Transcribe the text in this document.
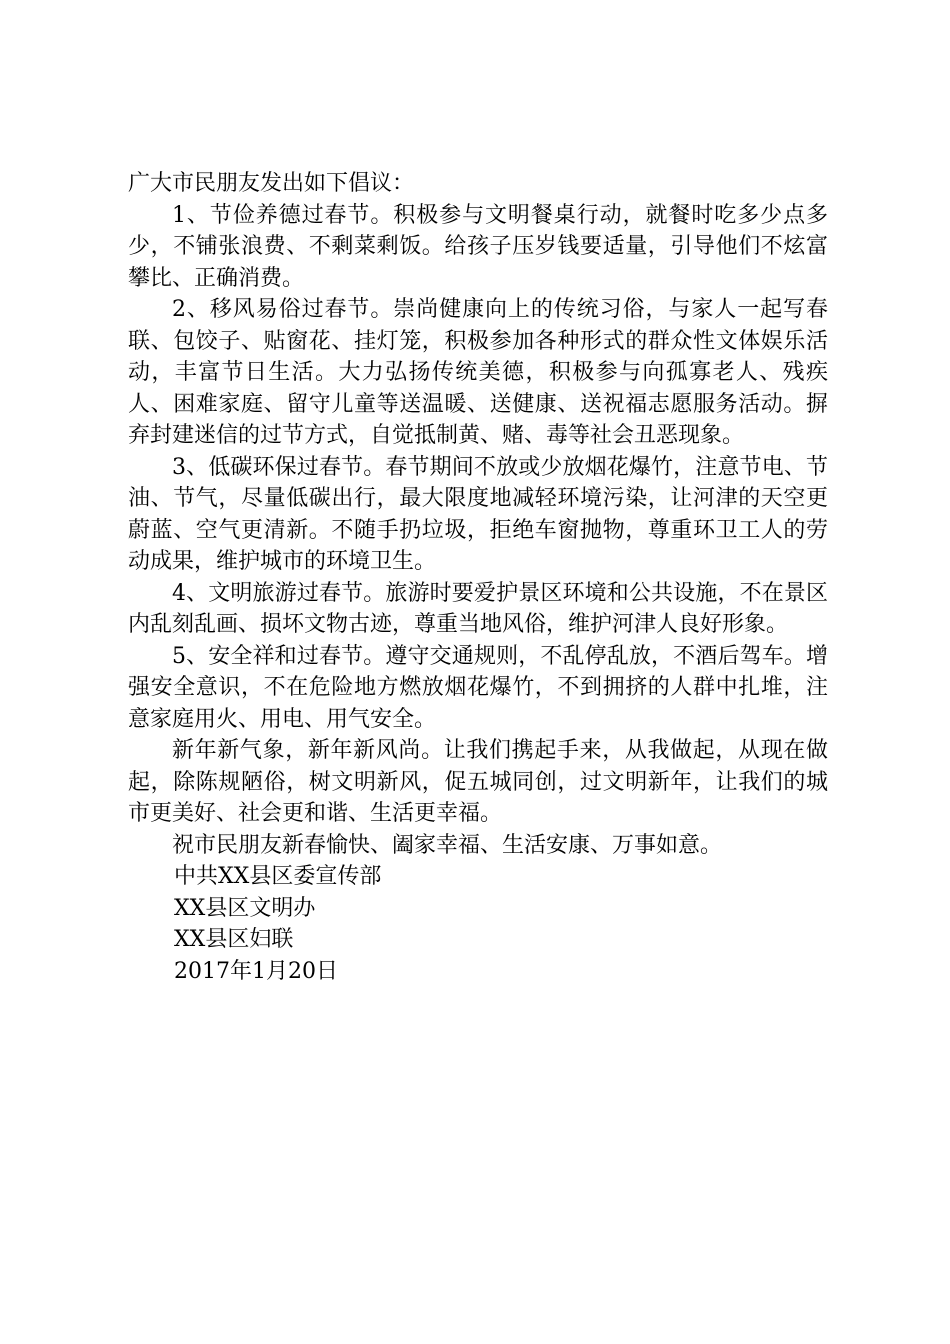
广大市民朋友发出如下倡议：

1、节俭养德过春节。积极参与文明餐桌行动，就餐时吃多少点多少，不铺张浪费、不剩菜剩饭。给孩子压岁钱要适量，引导他们不炫富攀比、正确消费。

2、移风易俗过春节。崇尚健康向上的传统习俗，与家人一起写春联、包饺子、贴窗花、挂灯笼，积极参加各种形式的群众性文体娱乐活动，丰富节日生活。大力弘扬传统美德，积极参与向孤寡老人、残疾人、困难家庭、留守儿童等送温暖、送健康、送祝福志愿服务活动。摒弃封建迷信的过节方式，自觉抵制黄、赌、毒等社会丑恶现象。

3、低碳环保过春节。春节期间不放或少放烟花爆竹，注意节电、节油、节气，尽量低碳出行，最大限度地减轻环境污染，让河津的天空更蔚蓝、空气更清新。不随手扔垃圾，拒绝车窗抛物，尊重环卫工人的劳动成果，维护城市的环境卫生。

4、文明旅游过春节。旅游时要爱护景区环境和公共设施，不在景区内乱刻乱画、损坏文物古迹，尊重当地风俗，维护河津人良好形象。

5、安全祥和过春节。遵守交通规则，不乱停乱放，不酒后驾车。增强安全意识，不在危险地方燃放烟花爆竹，不到拥挤的人群中扎堆，注意家庭用火、用电、用气安全。

新年新气象，新年新风尚。让我们携起手来，从我做起，从现在做起，除陈规陋俗，树文明新风，促五城同创，过文明新年，让我们的城市更美好、社会更和谐、生活更幸福。

祝市民朋友新春愉快、阖家幸福、生活安康、万事如意。

中共XX县区委宣传部

XX县区文明办

XX县区妇联

2017年1月20日
